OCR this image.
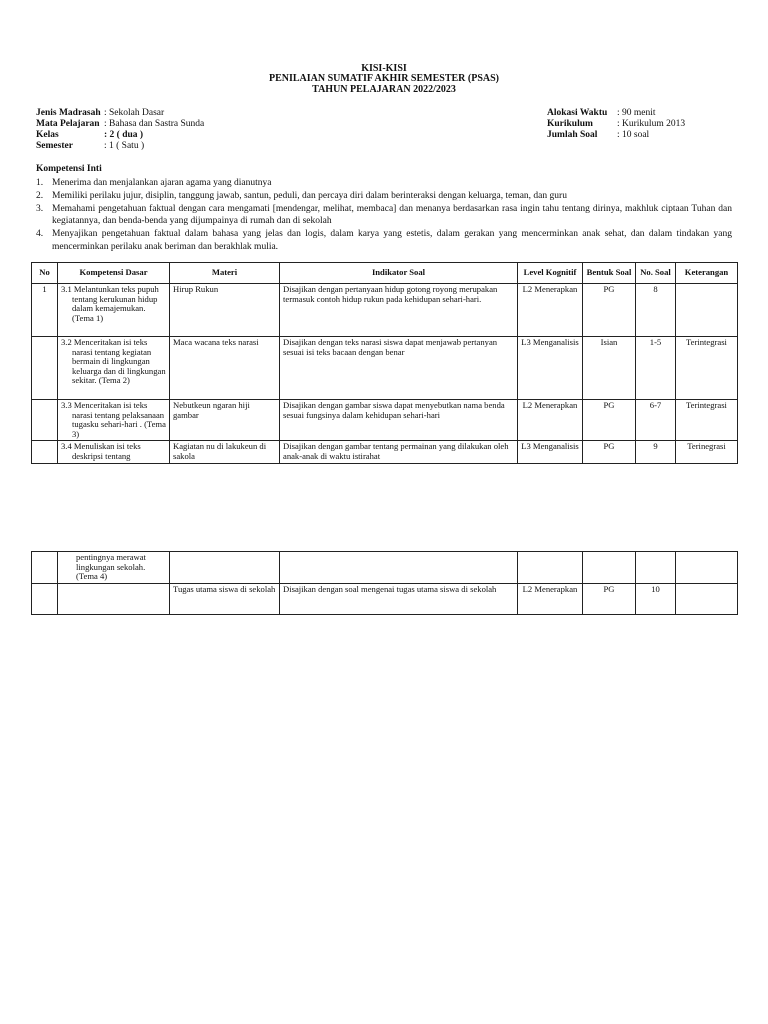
KISI-KISI
PENILAIAN SUMATIF AKHIR SEMESTER (PSAS)
TAHUN PELAJARAN 2022/2023
Jenis Madrasah : Sekolah Dasar
Mata Pelajaran : Bahasa dan Sastra Sunda
Kelas	: 2 ( dua )
Semester	: 1 ( Satu )
Alokasi Waktu : 90 menit
Kurikulum	: Kurikulum 2013
Jumlah Soal : 10 soal
Kompetensi Inti
1. Menerima dan menjalankan ajaran agama yang dianutnya
2. Memiliki perilaku jujur, disiplin, tanggung jawab, santun, peduli, dan percaya diri dalam berinteraksi dengan keluarga, teman, dan guru
3. Memahami pengetahuan faktual dengan cara mengamati [mendengar, melihat, membaca] dan menanya berdasarkan rasa ingin tahu tentang dirinya, makhluk ciptaan Tuhan dan kegiatannya, dan benda-benda yang dijumpainya di rumah dan di sekolah
4. Menyajikan pengetahuan faktual dalam bahasa yang jelas dan logis, dalam karya yang estetis, dalam gerakan yang mencerminkan anak sehat, dan dalam tindakan yang mencerminkan perilaku anak beriman dan berakhlak mulia.
No	Kompetensi Dasar	Materi	Indikator Soal	Level Kognitif	Bentuk Soal	No. Soal	Keterangan
1	3.1 Melantunkan teks pupuh tentang kerukunan hidup dalam kemajemukan. (Tema 1)	Hirup Rukun	Disajikan dengan pertanyaan hidup gotong royong merupakan termasuk contoh hidup rukun pada kehidupan sehari-hari.	L2 Menerapkan	PG	8	
	3.2 Menceritakan isi teks narasi tentang kegiatan bermain di lingkungan keluarga dan di lingkungan sekitar. (Tema 2)	Maca wacana teks narasi	Disajikan dengan teks narasi siswa dapat menjawab pertanyan sesuai isi teks bacaan dengan benar	L3 Menganalisis	Isian	1-5	Terintegrasi
	3.3 Menceritakan isi teks narasi tentang pelaksanaan tugasku sehari-hari . (Tema 3)	Nebutkeun ngaran hiji gambar	Disajikan dengan gambar siswa dapat menyebutkan nama benda sesuai fungsinya dalam kehidupan sehari-hari	L2 Menerapkan	PG	6-7	Terintegrasi
	3.4 Menuliskan isi teks deskripsi tentang	Kagiatan nu di lakukeun di sakola	Disajikan dengan gambar tentang permainan yang dilakukan oleh anak-anak di waktu istirahat	L3 Menganalisis	PG	9	Terinegrasi
	pentingnya merawat lingkungan sekolah. (Tema 4)						
		Tugas utama siswa di sekolah	Disajikan dengan soal mengenai tugas utama siswa di sekolah	L2 Menerapkan	PG	10	
